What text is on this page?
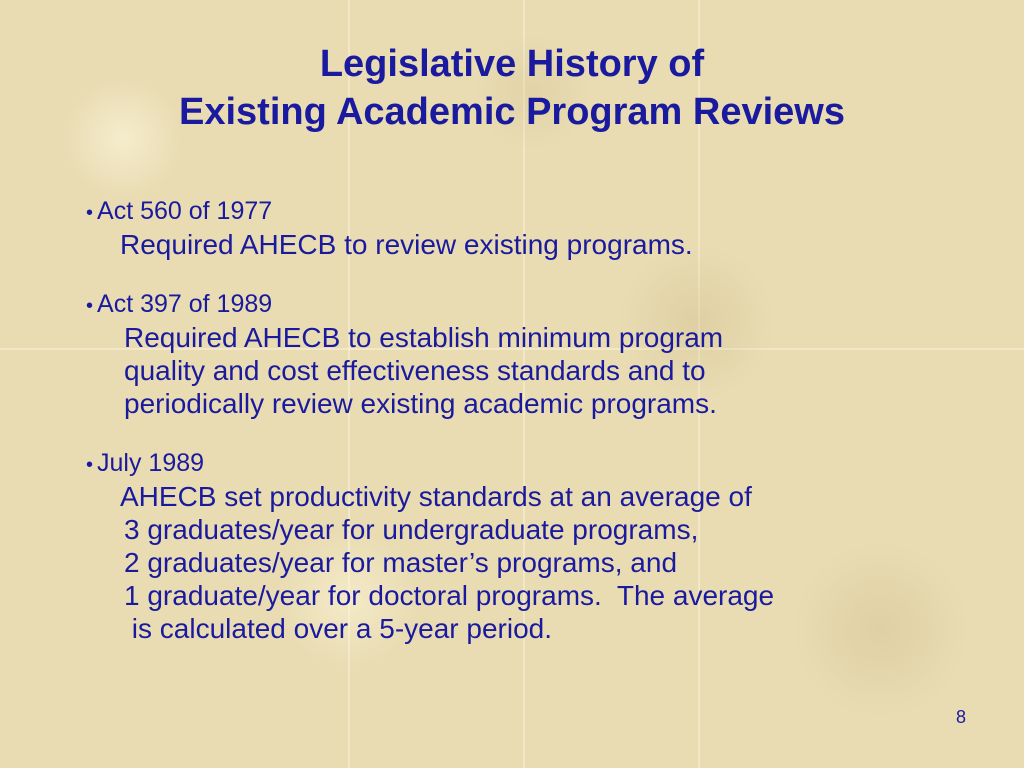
Legislative History of
Existing Academic Program Reviews
• Act 560 of 1977
Required AHECB to review existing programs.
• Act 397 of 1989
Required AHECB to establish minimum program
quality and cost effectiveness standards and to
periodically review existing academic programs.
• July 1989
AHECB set productivity standards at an average of
3 graduates/year for undergraduate programs,
2 graduates/year for master’s programs, and
1 graduate/year for doctoral programs.  The average
is calculated over a 5-year period.
8
